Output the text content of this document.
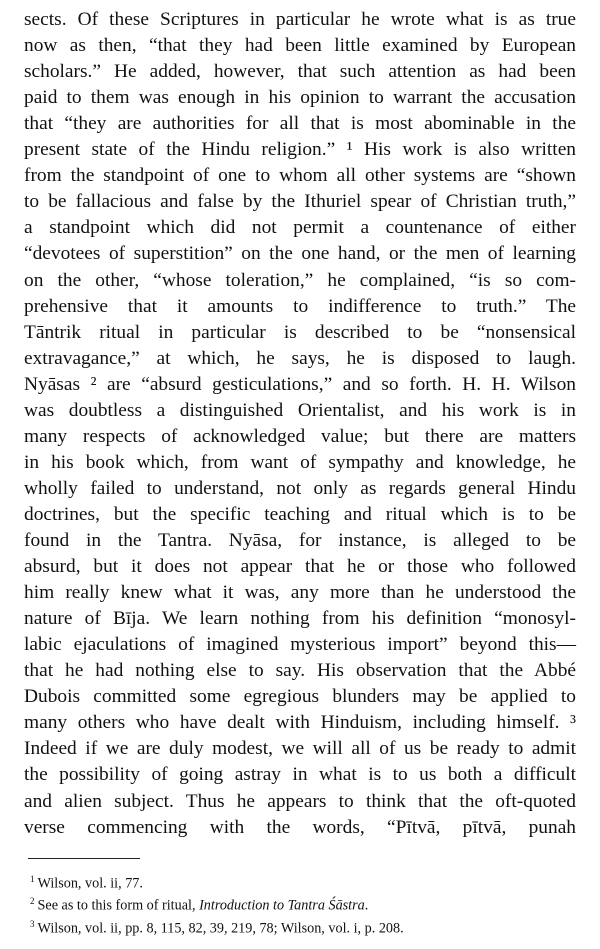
sects. Of these Scriptures in particular he wrote what is as true
now as then, “that they had been little examined by European
scholars.” He added, however, that such attention as had been
paid to them was enough in his opinion to warrant the accusation
that “they are authorities for all that is most abominable in the
present state of the Hindu religion.” ¹ His work is also written
from the standpoint of one to whom all other systems are “shown
to be fallacious and false by the Ithuriel spear of Christian truth,”
a standpoint which did not permit a countenance of either
“devotees of superstition” on the one hand, or the men of learning
on the other, “whose toleration,” he complained, “is so com-
prehensive that it amounts to indifference to truth.” The
Tāntrik ritual in particular is described to be “nonsensical
extravagance,” at which, he says, he is disposed to laugh.
Nyāsas ² are “absurd gesticulations,” and so forth. H. H. Wilson
was doubtless a distinguished Orientalist, and his work is in
many respects of acknowledged value; but there are matters
in his book which, from want of sympathy and knowledge, he
wholly failed to understand, not only as regards general Hindu
doctrines, but the specific teaching and ritual which is to be
found in the Tantra. Nyāsa, for instance, is alleged to be
absurd, but it does not appear that he or those who followed
him really knew what it was, any more than he understood the
nature of Bīja. We learn nothing from his definition “monosyl-
labic ejaculations of imagined mysterious import” beyond this—
that he had nothing else to say. His observation that the Abbé
Dubois committed some egregious blunders may be applied to
many others who have dealt with Hinduism, including himself. ³
Indeed if we are duly modest, we will all of us be ready to admit
the possibility of going astray in what is to us both a difficult
and alien subject. Thus he appears to think that the oft-quoted
verse commencing with the words, “Pītvā, pītvā, punah
$^1$ Wilson, vol. ii, 77.
$^2$ See as to this form of ritual, Introduction to Tantra Śāstra.
$^3$ Wilson, vol. ii, pp. 8, 115, 82, 39, 219, 78; Wilson, vol. i, p. 208.
